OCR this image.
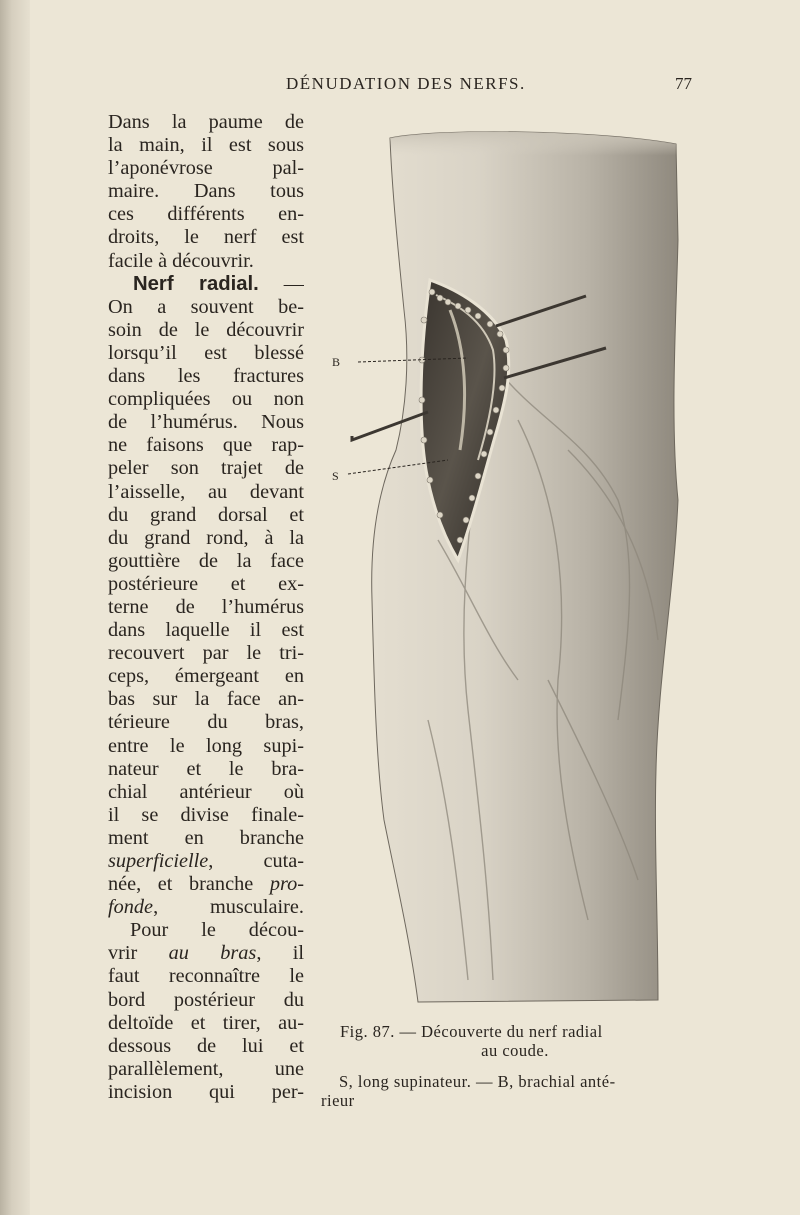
DÉNUDATION DES NERFS.	77
Dans la paume de
la main, il est sous
l’aponévrose pal-
maire. Dans tous
ces différents en-
droits, le nerf est
facile à découvrir.
Nerf radial. —
On a souvent be-
soin de le découvrir
lorsqu’il est blessé
dans les fractures
compliquées ou non
de l’humérus. Nous
ne faisons que rap-
peler son trajet de
l’aisselle, au devant
du grand dorsal et
du grand rond, à la
gouttière de la face
postérieure et ex-
terne de l’humérus
dans laquelle il est
recouvert par le tri-
ceps, émergeant en
bas sur la face an-
térieure du bras,
entre le long supi-
nateur et le bra-
chial antérieur où
il se divise finale-
ment en branche
superficielle, cuta-
née, et branche pro-
fonde, musculaire.
Pour le décou-
vrir au bras, il
faut reconnaître le
bord postérieur du
deltoïde et tirer, au-
dessous de lui et
parallèlement, une
incision qui per-
B
S
Fig. 87. — Découverte du nerf radial
au coude.
S, long supinateur. — B, brachial anté-
rieur
